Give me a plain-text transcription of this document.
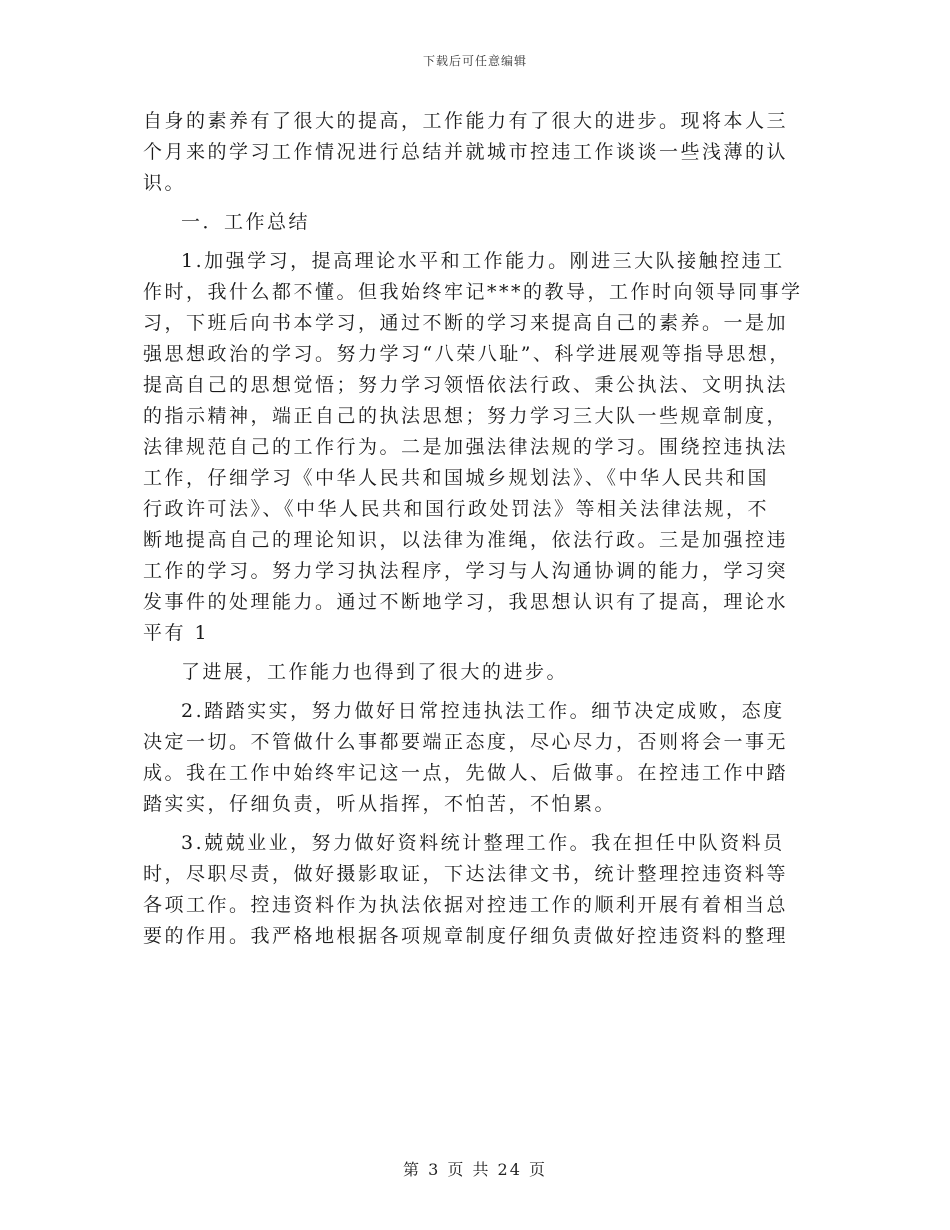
下载后可任意编辑
自身的素养有了很大的提高，工作能力有了很大的进步。现将本人三
个月来的学习工作情况进行总结并就城市控违工作谈谈一些浅薄的认
识。
一．工作总结
1.加强学习，提高理论水平和工作能力。刚进三大队接触控违工
作时，我什么都不懂。但我始终牢记***的教导，工作时向领导同事学
习，下班后向书本学习，通过不断的学习来提高自己的素养。一是加
强思想政治的学习。努力学习“八荣八耻”、科学进展观等指导思想，
提高自己的思想觉悟；努力学习领悟依法行政、秉公执法、文明执法
的指示精神，端正自己的执法思想；努力学习三大队一些规章制度，
法律规范自己的工作行为。二是加强法律法规的学习。围绕控违执法
工作，仔细学习《中华人民共和国城乡规划法》、《中华人民共和国
行政许可法》、《中华人民共和国行政处罚法》等相关法律法规，不
断地提高自己的理论知识，以法律为准绳，依法行政。三是加强控违
工作的学习。努力学习执法程序，学习与人沟通协调的能力，学习突
发事件的处理能力。通过不断地学习，我思想认识有了提高，理论水
平有 1
了进展，工作能力也得到了很大的进步。
2.踏踏实实，努力做好日常控违执法工作。细节决定成败，态度
决定一切。不管做什么事都要端正态度，尽心尽力，否则将会一事无
成。我在工作中始终牢记这一点，先做人、后做事。在控违工作中踏
踏实实，仔细负责，听从指挥，不怕苦，不怕累。
3.兢兢业业，努力做好资料统计整理工作。我在担任中队资料员
时，尽职尽责，做好摄影取证，下达法律文书，统计整理控违资料等
各项工作。控违资料作为执法依据对控违工作的顺利开展有着相当总
要的作用。我严格地根据各项规章制度仔细负责做好控违资料的整理
第 3 页 共 24 页
